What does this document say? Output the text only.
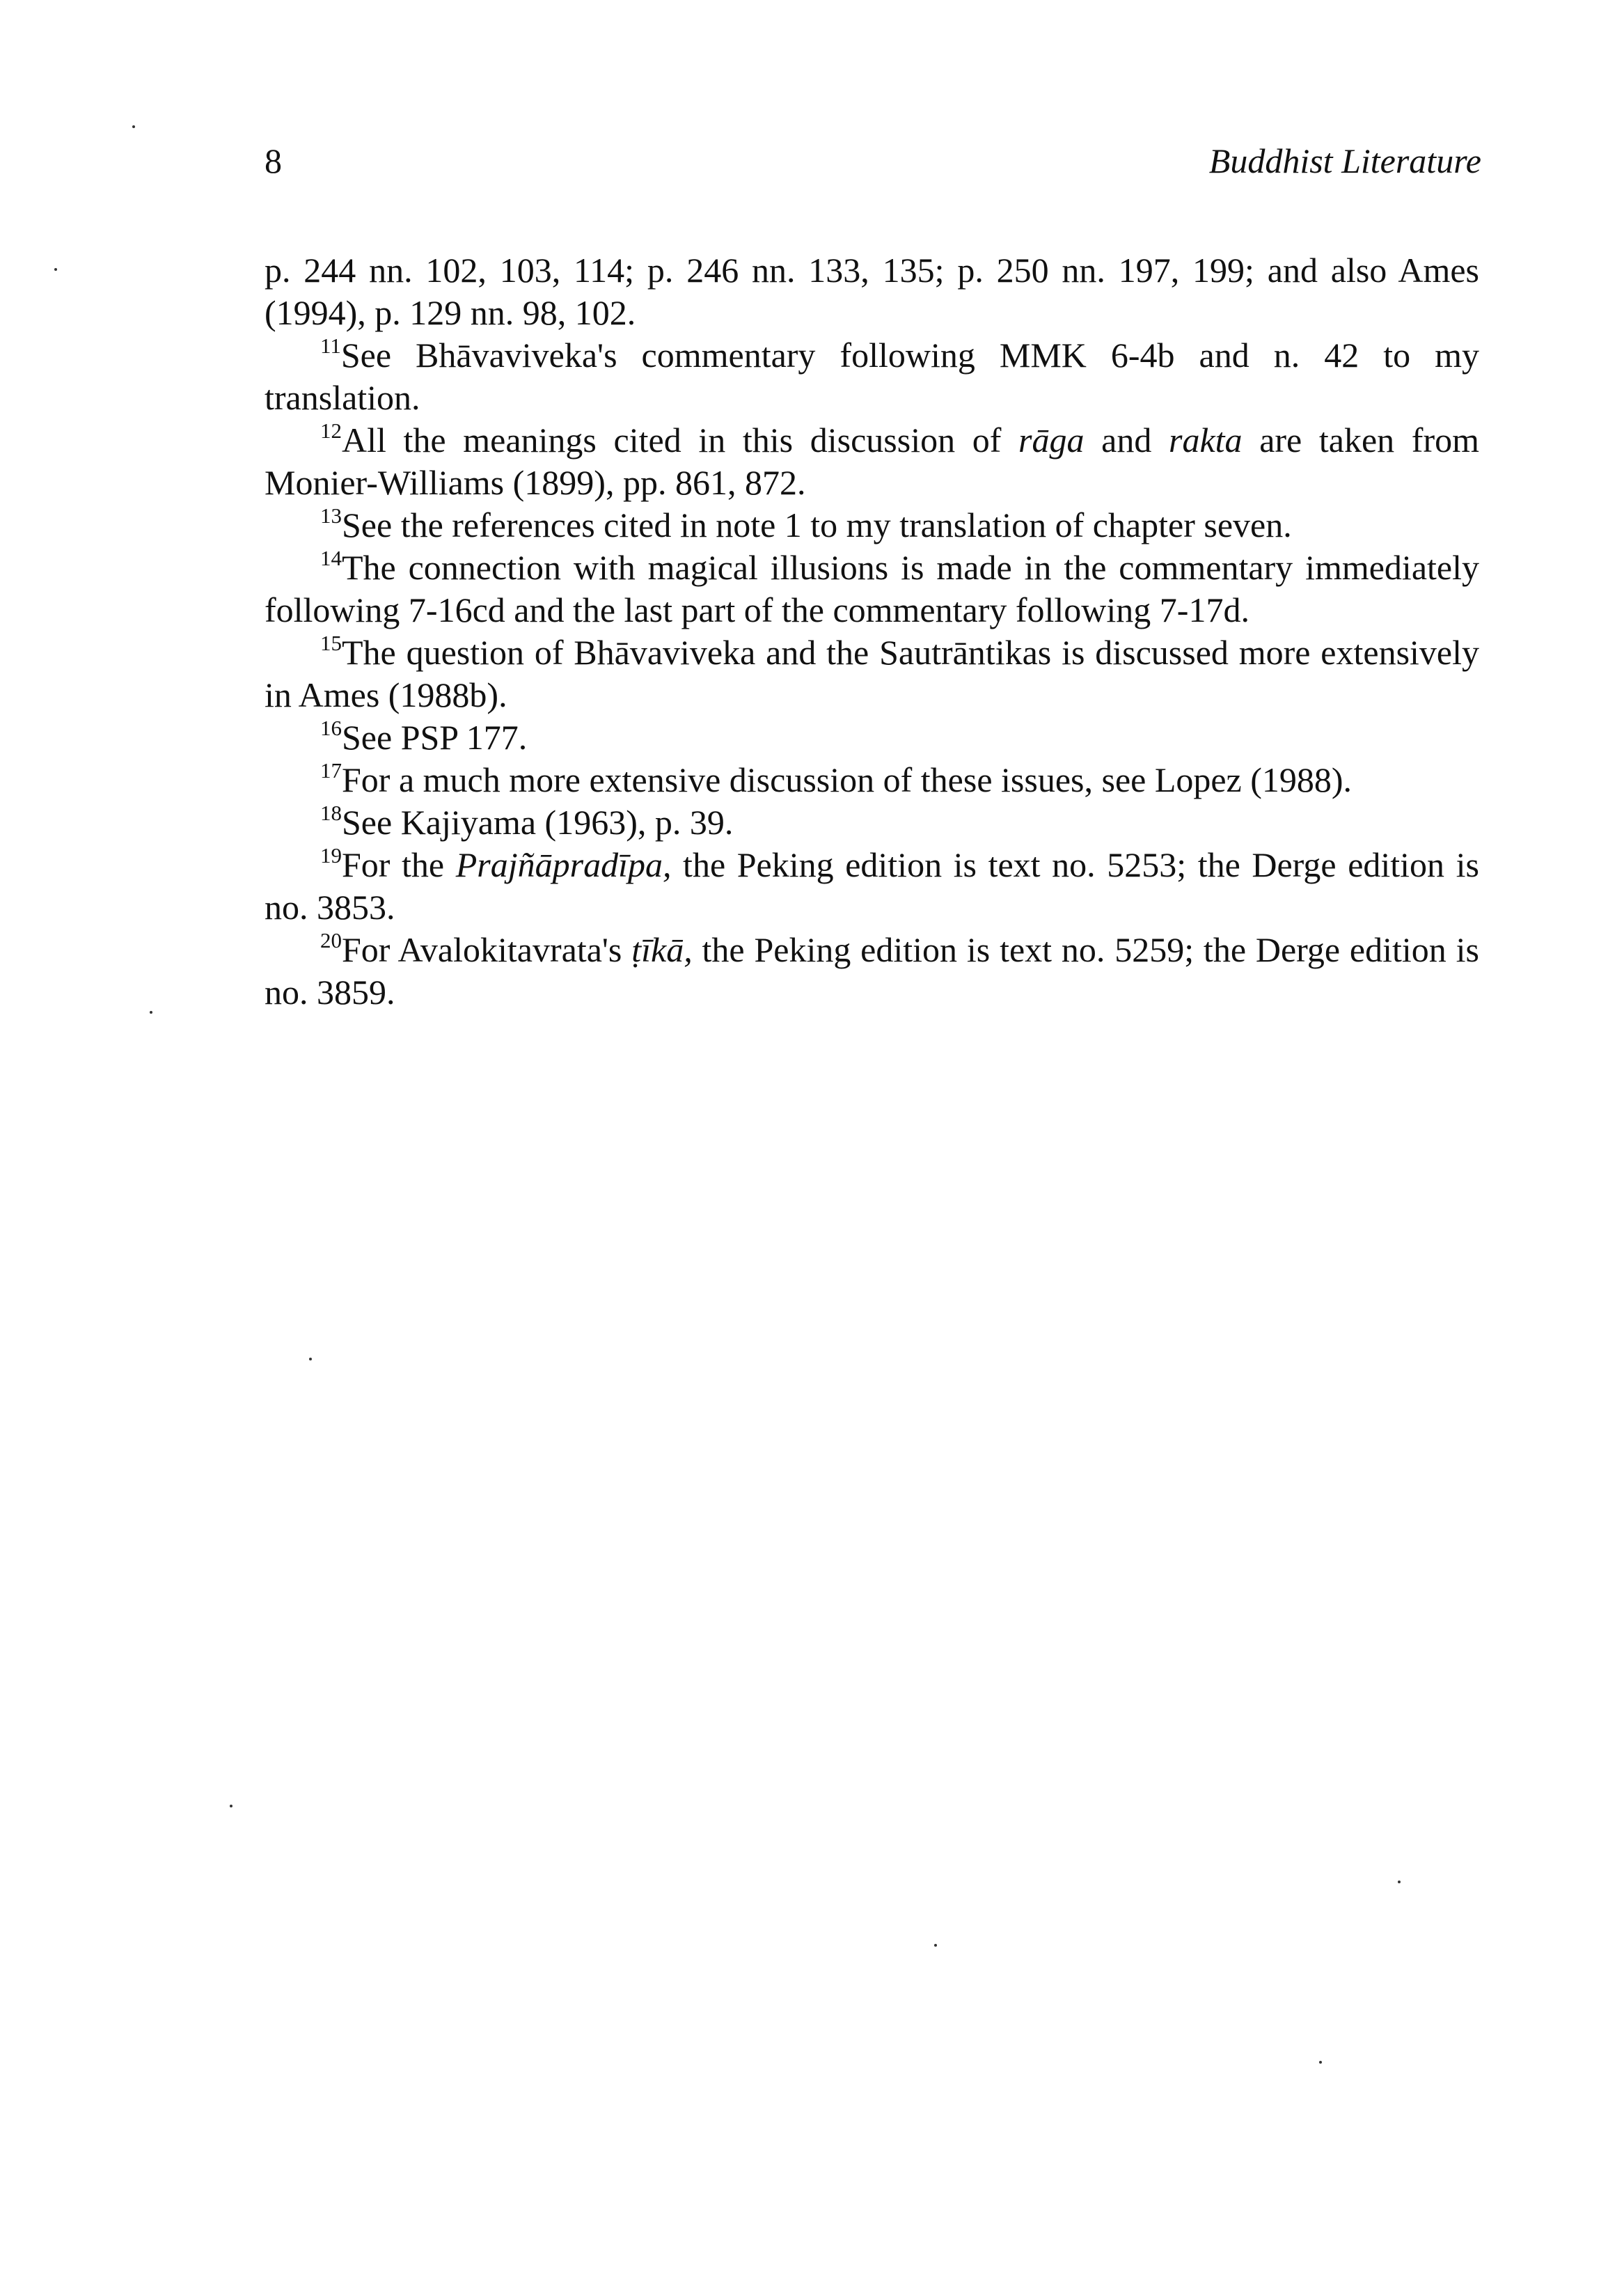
8	Buddhist Literature

p. 244 nn. 102, 103, 114; p. 246 nn. 133, 135; p. 250 nn. 197, 199; and also Ames (1994), p. 129 nn. 98, 102.

$^{11}$See Bhāvaviveka's commentary following MMK 6-4b and n. 42 to my translation.

$^{12}$All the meanings cited in this discussion of rāga and rakta are taken from Monier-Williams (1899), pp. 861, 872.

$^{13}$See the references cited in note 1 to my translation of chapter seven.

$^{14}$The connection with magical illusions is made in the commentary immediately following 7-16cd and the last part of the commentary following 7-17d.

$^{15}$The question of Bhāvaviveka and the Sautrāntikas is discussed more extensively in Ames (1988b).

$^{16}$See PSP 177.

$^{17}$For a much more extensive discussion of these issues, see Lopez (1988).

$^{18}$See Kajiyama (1963), p. 39.

$^{19}$For the Prajñāpradīpa, the Peking edition is text no. 5253; the Derge edition is no. 3853.

$^{20}$For Avalokitavrata's ṭīkā, the Peking edition is text no. 5259; the Derge edition is no. 3859.
